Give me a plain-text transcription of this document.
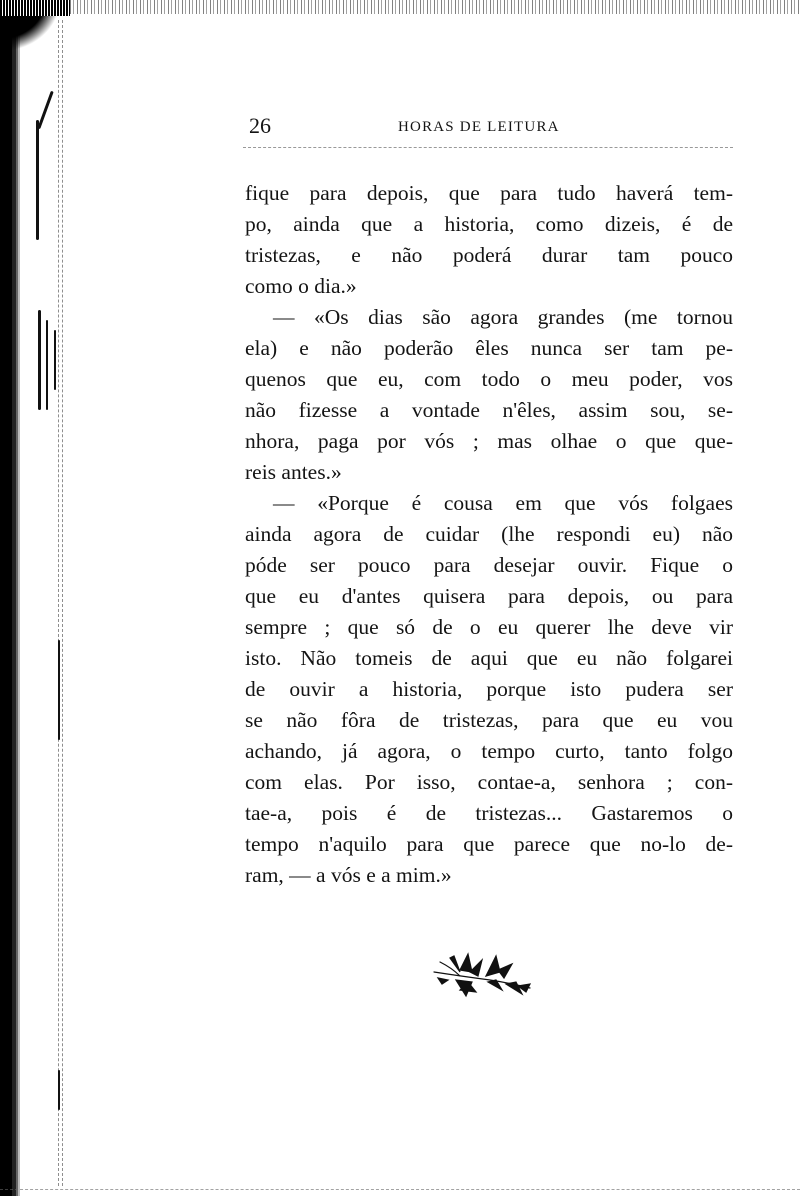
26	HORAS DE LEITURA
fique para depois, que para tudo haverá tem-
po, ainda que a historia, como dizeis, é de
tristezas, e não poderá durar tam pouco
como o dia.»
— «Os dias são agora grandes (me tornou
ela) e não poderão êles nunca ser tam pe-
quenos que eu, com todo o meu poder, vos
não fizesse a vontade n'êles, assim sou, se-
nhora, paga por vós ; mas olhae o que que-
reis antes.»
— «Porque é cousa em que vós folgaes
ainda agora de cuidar (lhe respondi eu) não
póde ser pouco para desejar ouvir. Fique o
que eu d'antes quisera para depois, ou para
sempre ; que só de o eu querer lhe deve vir
isto. Não tomeis de aqui que eu não folgarei
de ouvir a historia, porque isto pudera ser
se não fôra de tristezas, para que eu vou
achando, já agora, o tempo curto, tanto folgo
com elas. Por isso, contae-a, senhora ; con-
tae-a, pois é de tristezas... Gastaremos o
tempo n'aquilo para que parece que no-lo de-
ram, — a vós e a mim.»
